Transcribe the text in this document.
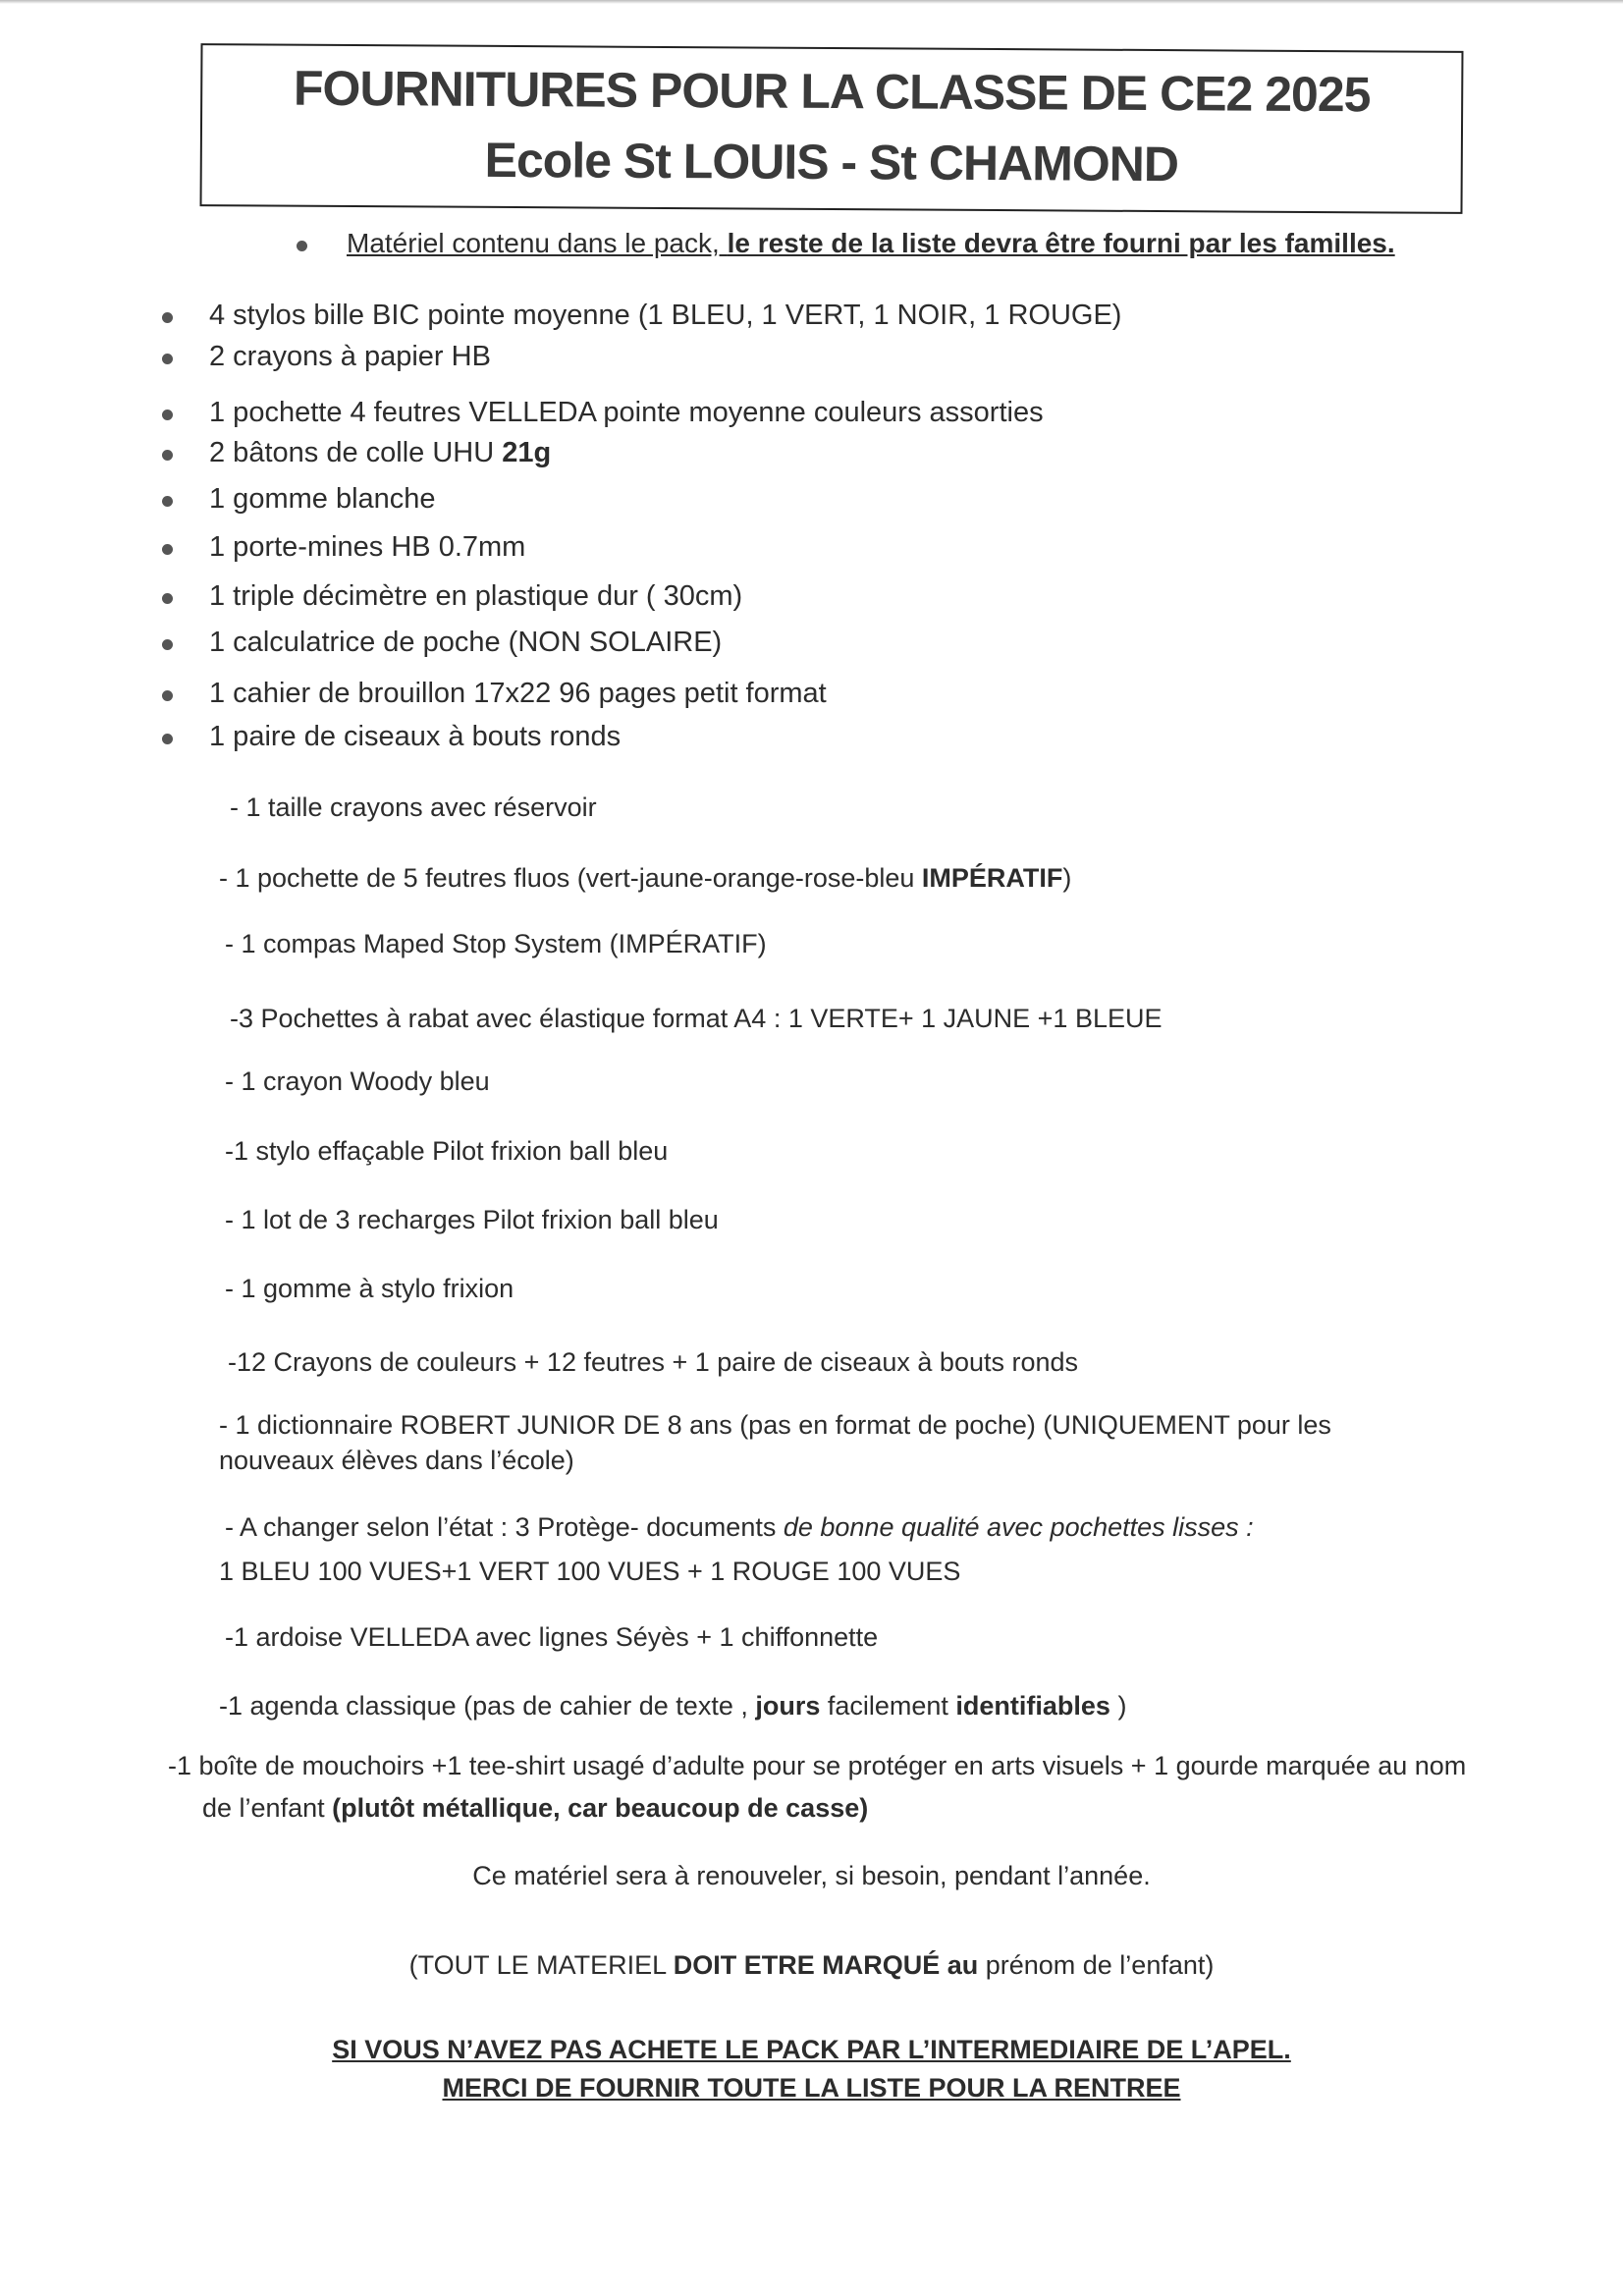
FOURNITURES POUR LA CLASSE DE CE2 2025
Ecole St LOUIS - St CHAMOND
Matériel contenu dans le pack, le reste de la liste devra être fourni par les familles.
4 stylos bille BIC pointe moyenne (1 BLEU, 1 VERT, 1 NOIR, 1 ROUGE)
2 crayons à papier HB
1 pochette 4 feutres VELLEDA pointe moyenne couleurs assorties
2 bâtons de colle UHU 21g
1 gomme blanche
1 porte-mines HB 0.7mm
1 triple décimètre en plastique dur ( 30cm)
1 calculatrice de poche (NON SOLAIRE)
1 cahier de brouillon 17x22 96 pages petit format
1 paire de ciseaux à bouts ronds
- 1 taille crayons avec réservoir
- 1 pochette de 5 feutres fluos (vert-jaune-orange-rose-bleu IMPÉRATIF)
- 1 compas Maped Stop System (IMPÉRATIF)
-3 Pochettes à rabat avec élastique format A4 : 1 VERTE+ 1 JAUNE +1 BLEUE
- 1 crayon Woody bleu
-1 stylo effaçable Pilot frixion ball bleu
- 1 lot de 3 recharges Pilot frixion ball bleu
- 1 gomme à stylo frixion
-12 Crayons de couleurs + 12 feutres + 1 paire de ciseaux à bouts ronds
- 1 dictionnaire ROBERT JUNIOR DE 8 ans (pas en format de poche) (UNIQUEMENT pour les
nouveaux élèves dans l’école)
- A changer selon l’état : 3 Protège- documents de bonne qualité avec pochettes lisses :
1 BLEU 100 VUES+1 VERT 100 VUES + 1 ROUGE 100 VUES
-1 ardoise VELLEDA avec lignes Séyès + 1 chiffonnette
-1 agenda classique (pas de cahier de texte , jours facilement identifiables )
-1 boîte de mouchoirs +1 tee-shirt usagé d’adulte pour se protéger en arts visuels + 1 gourde marquée au nom
de l’enfant (plutôt métallique, car beaucoup de casse)
Ce matériel sera à renouveler, si besoin, pendant l’année.
(TOUT LE MATERIEL DOIT ETRE MARQUÉ au prénom de l’enfant)
SI VOUS N’AVEZ PAS ACHETE LE PACK PAR L’INTERMEDIAIRE DE L’APEL.
MERCI DE FOURNIR TOUTE LA LISTE POUR LA RENTREE
